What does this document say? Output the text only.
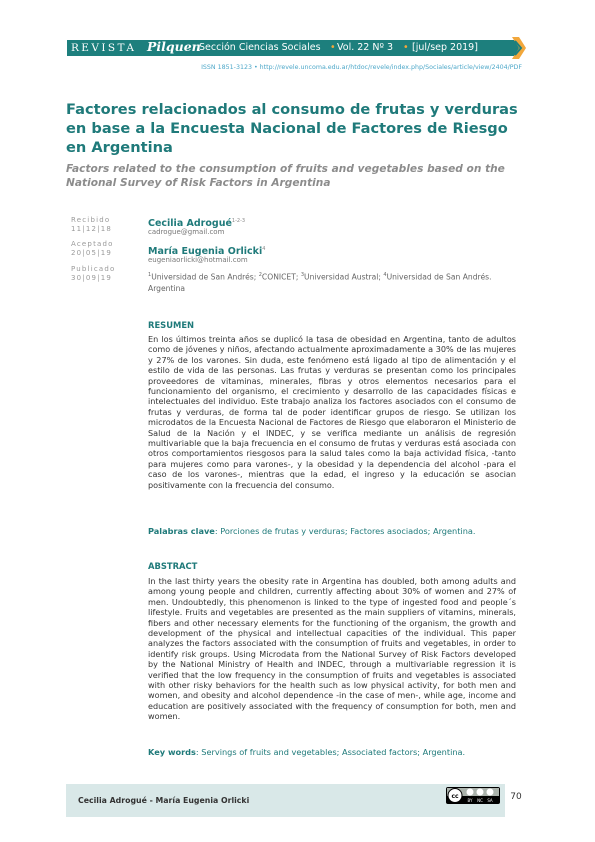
REVISTA Pilquen
Sección Ciencias Sociales • Vol. 22 Nº 3 • [jul/sep 2019]
ISSN 1851-3123 • http://revele.uncoma.edu.ar/htdoc/revele/index.php/Sociales/article/view/2404/PDF
Factores relacionados al consumo de frutas y verduras en base a la Encuesta Nacional de Factores de Riesgo en Argentina
Factors related to the consumption of fruits and vegetables based on the National Survey of Risk Factors in Argentina
Recibido
11|12|18
Aceptado
20|05|19
Publicado
30|09|19
Cecilia Adrogué$^{1-2-3}$
cadrogue@gmail.com
María Eugenia Orlicki$^4$
eugeniaorlicki@hotmail.com
$^1$Universidad de San Andrés; $^2$CONICET; $^3$Universidad Austral; $^4$Universidad de San Andrés. Argentina
RESUMEN

En los últimos treinta años se duplicó la tasa de obesidad en Argentina, tanto de adultos como de jóvenes y niños, afectando actualmente aproximadamente a 30% de las mujeres y 27% de los varones. Sin duda, este fenómeno está ligado al tipo de alimentación y el estilo de vida de las personas. Las frutas y verduras se presentan como los principales proveedores de vitaminas, minerales, fibras y otros elementos necesarios para el funcionamiento del organismo, el crecimiento y desarrollo de las capacidades físicas e intelectuales del individuo. Este trabajo analiza los factores asociados con el consumo de frutas y verduras, de forma tal de poder identificar grupos de riesgo. Se utilizan los microdatos de la Encuesta Nacional de Factores de Riesgo que elaboraron el Ministerio de Salud de la Nación y el INDEC, y se verifica mediante un análisis de regresión multivariable que la baja frecuencia en el consumo de frutas y verduras está asociada con otros comportamientos riesgosos para la salud tales como la baja actividad física, -tanto para mujeres como para varones-, y la obesidad y la dependencia del alcohol -para el caso de los varones-, mientras que la edad, el ingreso y la educación se asocian positivamente con la frecuencia del consumo.

Palabras clave: Porciones de frutas y verduras; Factores asociados; Argentina.
ABSTRACT

In the last thirty years the obesity rate in Argentina has doubled, both among adults and among young people and children, currently affecting about 30% of women and 27% of men. Undoubtedly, this phenomenon is linked to the type of ingested food and people´s lifestyle. Fruits and vegetables are presented as the main suppliers of vitamins, minerals, fibers and other necessary elements for the functioning of the organism, the growth and development of the physical and intellectual capacities of the individual. This paper analyzes the factors associated with the consumption of fruits and vegetables, in order to identify risk groups. Using Microdata from the National Survey of Risk Factors developed by the National Ministry of Health and INDEC, through a multivariable regression it is verified that the low frequency in the consumption of fruits and vegetables is associated with other risky behaviors for the health such as low physical activity, for both men and women, and obesity and alcohol dependence -in the case of men-, while age, income and education are positively associated with the frequency of consumption for both, men and women.

Key words: Servings of fruits and vegetables; Associated factors; Argentina.
Cecilia Adrogué - María Eugenia Orlicki	cc
BY NC SA	70
